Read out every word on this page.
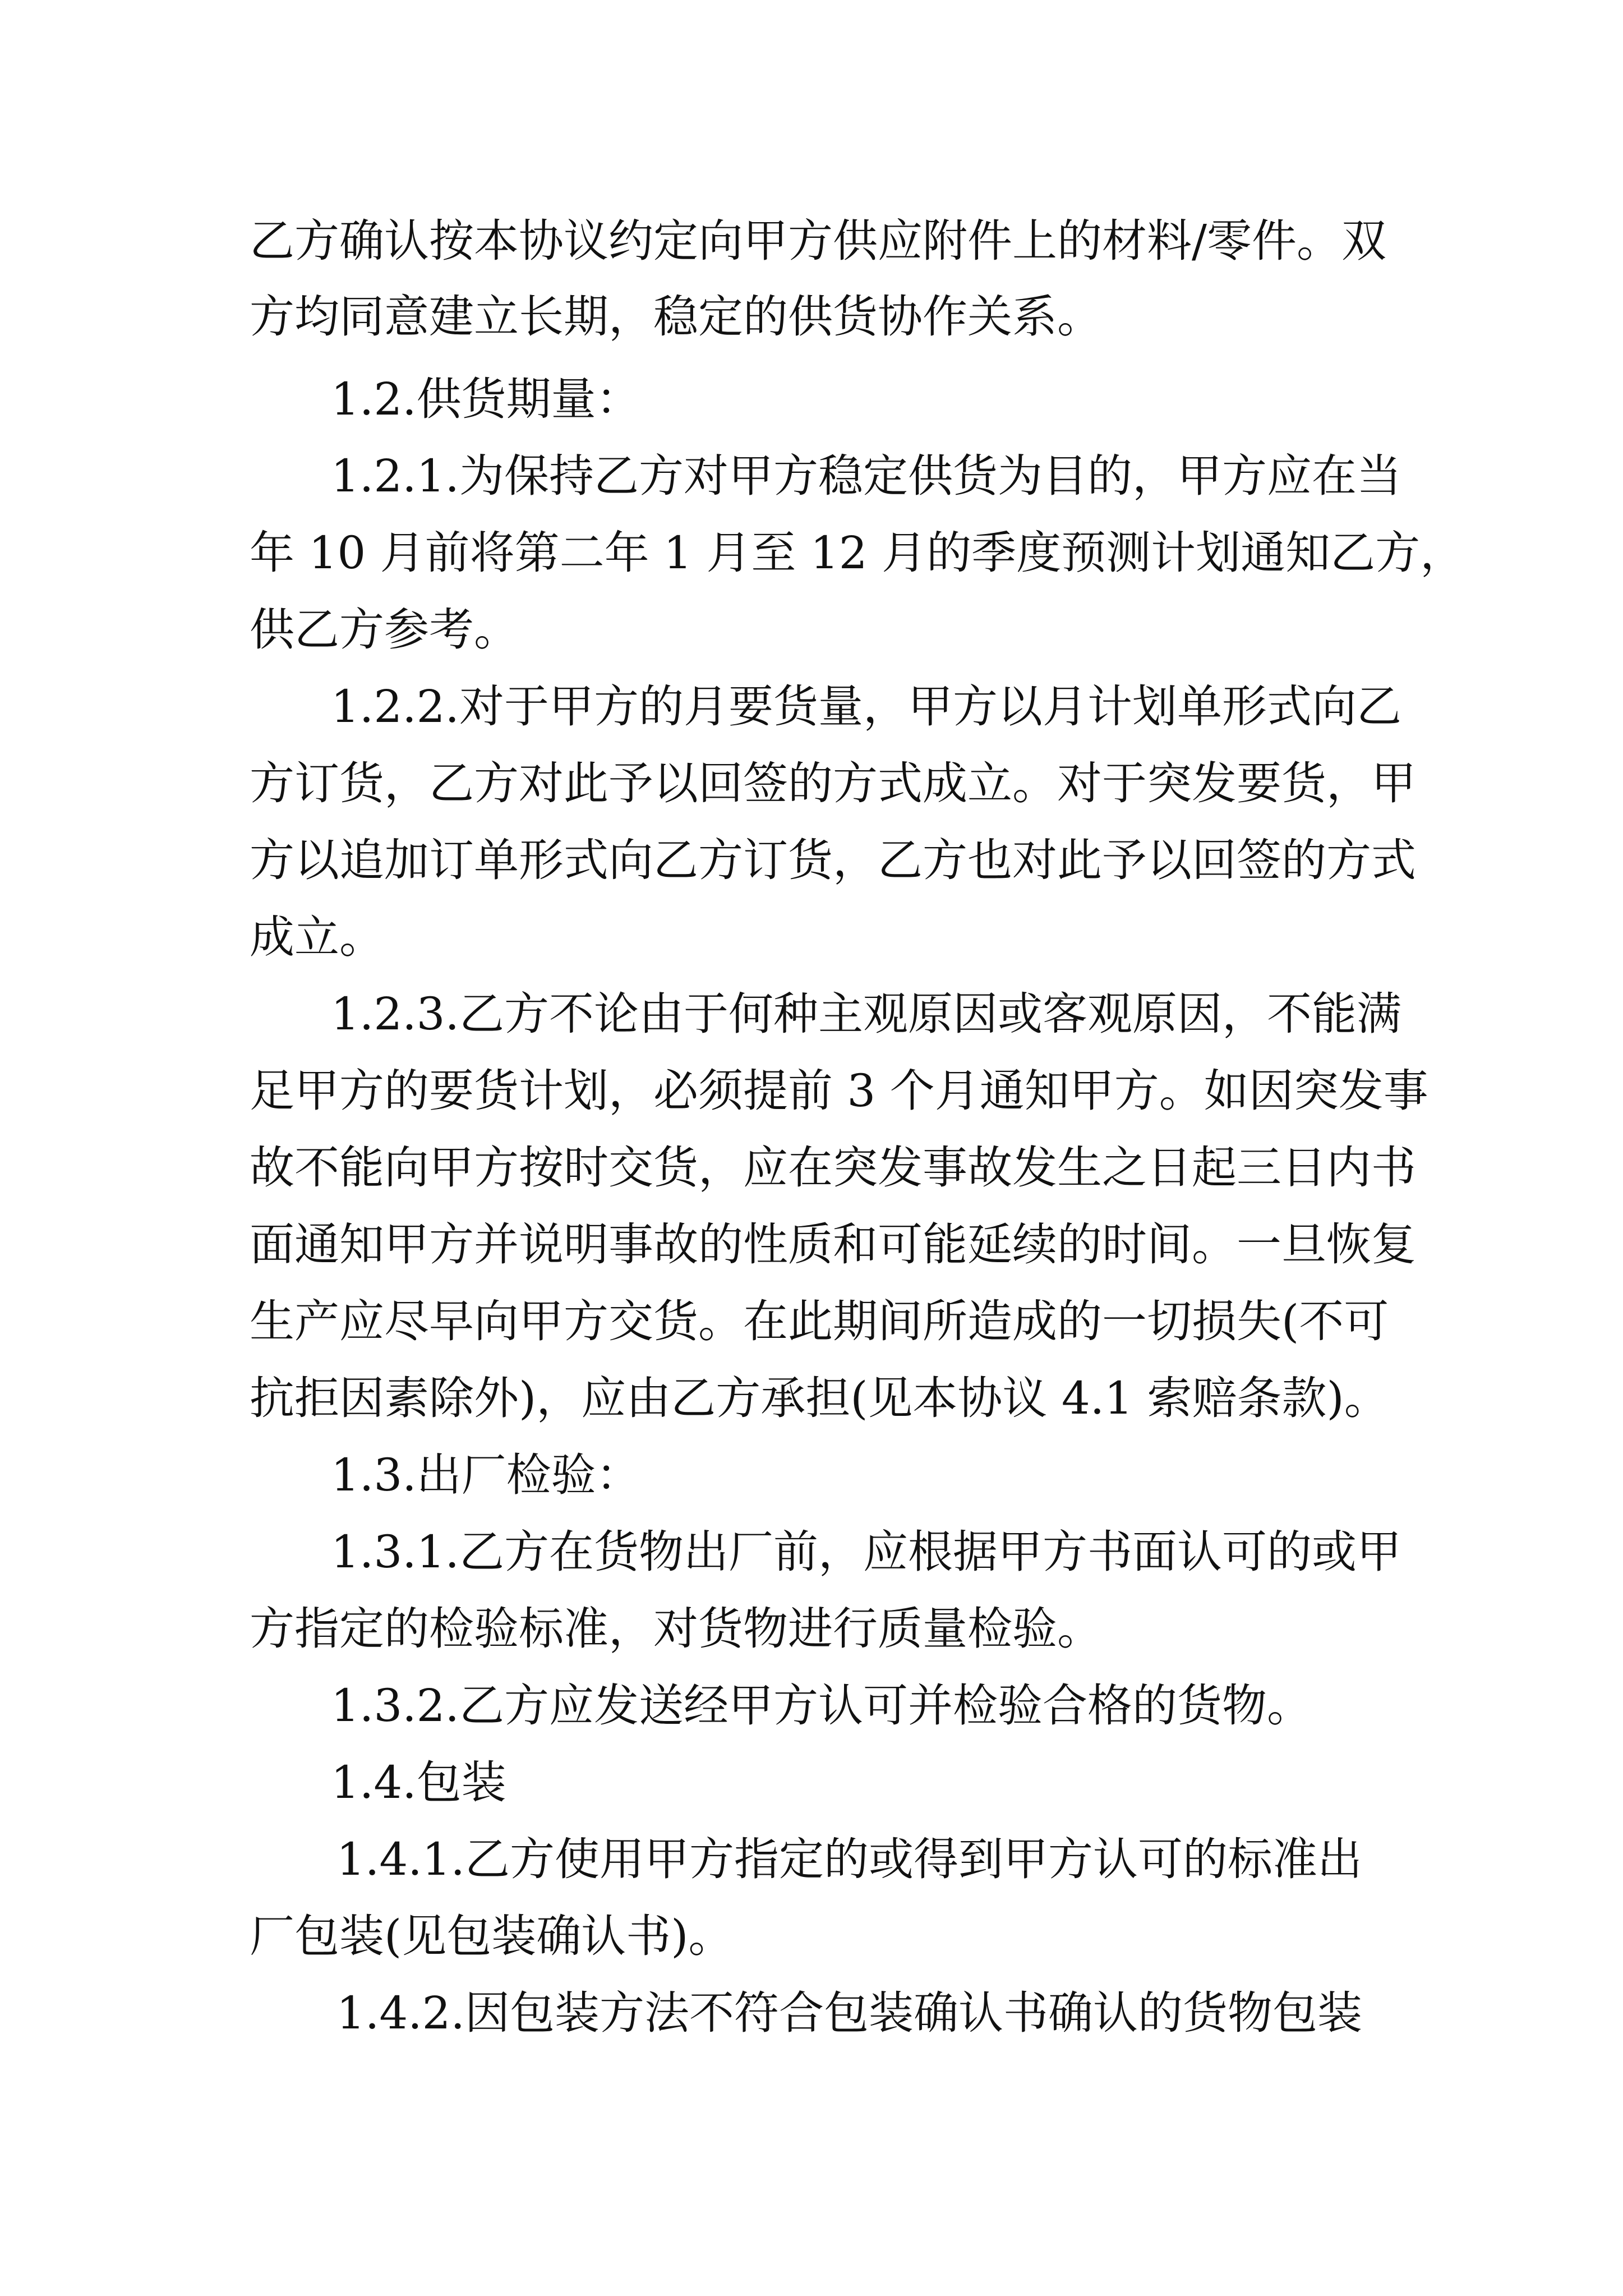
乙方确认按本协议约定向甲方供应附件上的材料/零件。双
方均同意建立长期，稳定的供货协作关系。
1.2.供货期量：
1.2.1.为保持乙方对甲方稳定供货为目的，甲方应在当
年 10 月前将第二年 1 月至 12 月的季度预测计划通知乙方，
供乙方参考。
1.2.2.对于甲方的月要货量，甲方以月计划单形式向乙
方订货，乙方对此予以回签的方式成立。对于突发要货，甲
方以追加订单形式向乙方订货，乙方也对此予以回签的方式
成立。
1.2.3.乙方不论由于何种主观原因或客观原因，不能满
足甲方的要货计划，必须提前 3 个月通知甲方。如因突发事
故不能向甲方按时交货，应在突发事故发生之日起三日内书
面通知甲方并说明事故的性质和可能延续的时间。一旦恢复
生产应尽早向甲方交货。在此期间所造成的一切损失(不可
抗拒因素除外)，应由乙方承担(见本协议 4.1 索赔条款)。
1.3.出厂检验：
1.3.1.乙方在货物出厂前，应根据甲方书面认可的或甲
方指定的检验标准，对货物进行质量检验。
1.3.2.乙方应发送经甲方认可并检验合格的货物。
1.4.包装
1.4.1.乙方使用甲方指定的或得到甲方认可的标准出
厂包装(见包装确认书)。
1.4.2.因包装方法不符合包装确认书确认的货物包装
